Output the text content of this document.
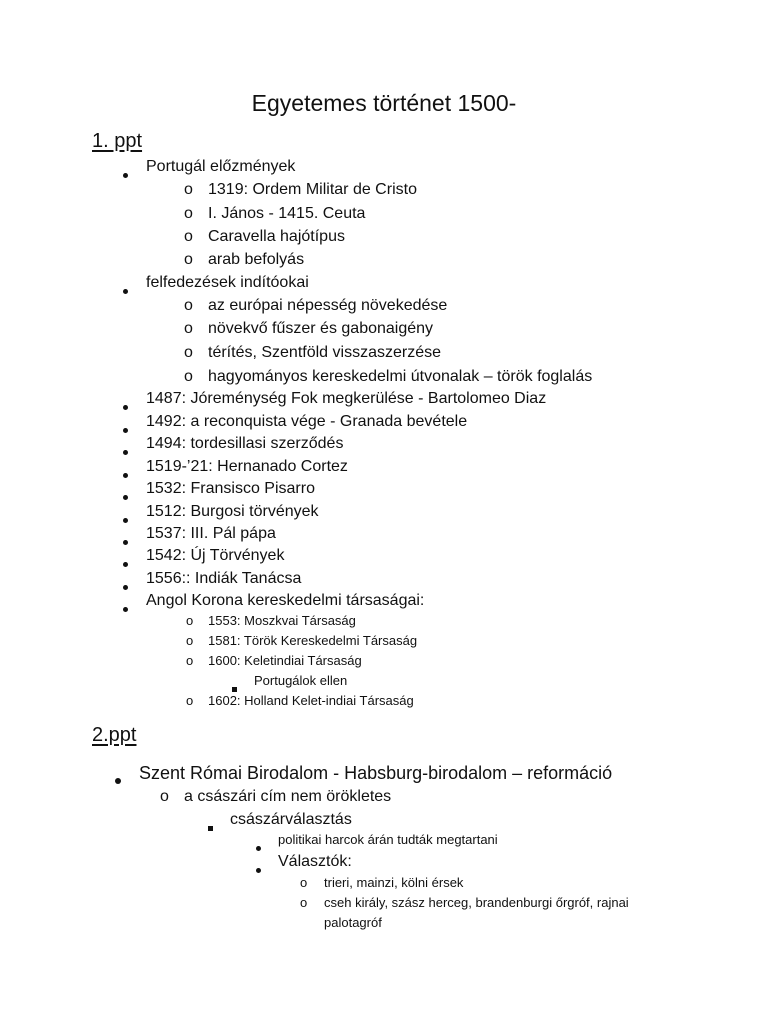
Egyetemes történet 1500-
1. ppt
Portugál előzmények
o 1319: Ordem Militar de Cristo
o I. János - 1415. Ceuta
o Caravella hajótípus
o arab befolyás
felfedezések indítóokai
o az európai népesség növekedése
o növekvő fűszer és gabonaigény
o térítés, Szentföld visszaszerzése
o hagyományos kereskedelmi útvonalak – török foglalás
1487: Jóreménység Fok megkerülése - Bartolomeo Diaz
1492: a reconquista vége - Granada bevétele
1494: tordesillasi szerződés
1519-’21: Hernanado Cortez
1532: Fransisco Pisarro
1512: Burgosi törvények
1537: III. Pál pápa
1542: Új Törvények
1556:: Indiák Tanácsa
Angol Korona kereskedelmi társaságai:
o 1553: Moszkvai Társaság
o 1581: Török Kereskedelmi Társaság
o 1600: Keletindiai Társaság
Portugálok ellen
o 1602: Holland Kelet-indiai Társaság
2.ppt
Szent Római Birodalom - Habsburg-birodalom – reformáció
o a császári cím nem örökletes
császárválasztás
politikai harcok árán tudták megtartani
Választók:
o trieri, mainzi, kölni érsek
o cseh király, szász herceg, brandenburgi őrgróf, rajnai
palotagróf
